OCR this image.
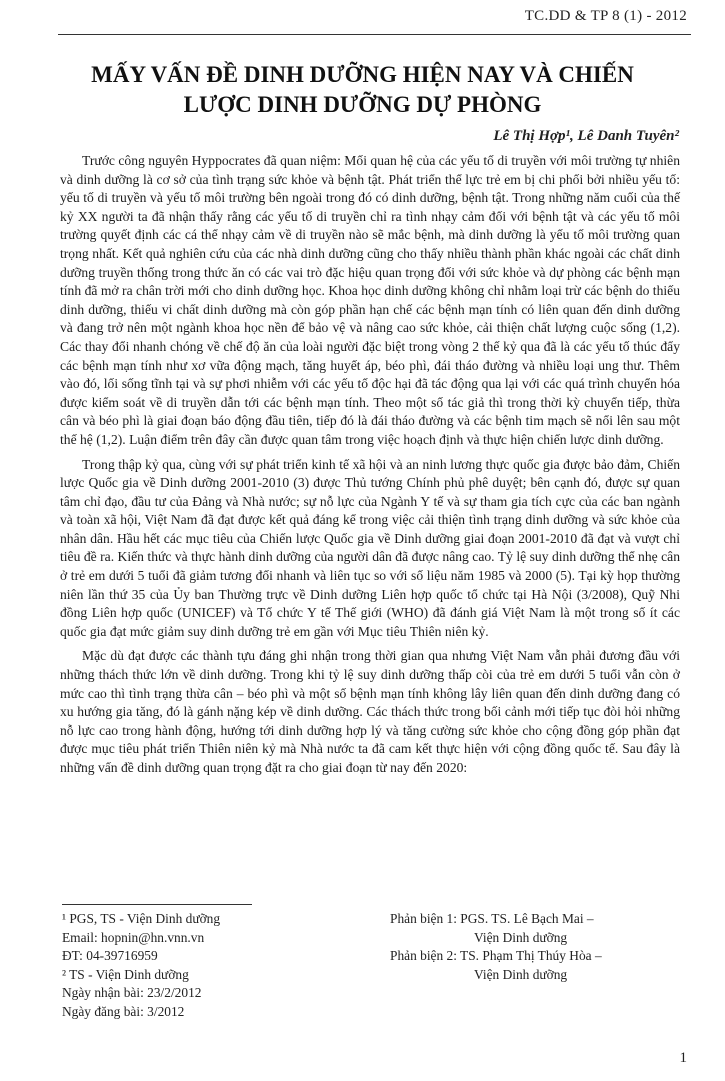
TC.DD & TP 8 (1) - 2012
MẤY VẤN ĐỀ DINH DƯỠNG HIỆN NAY VÀ CHIẾN
LƯỢC DINH DƯỠNG DỰ PHÒNG
Lê Thị Hợp¹, Lê Danh Tuyên²

Trước công nguyên Hyppocrates đã quan niệm: Mối quan hệ của các yếu tố di truyền với môi trường tự nhiên và dinh dưỡng là cơ sở của tình trạng sức khỏe và bệnh tật. Phát triển thể lực trẻ em bị chi phối bởi nhiều yếu tố: yếu tố di truyền và yếu tố môi trường bên ngoài trong đó có dinh dưỡng, bệnh tật. Trong những năm cuối của thế kỷ XX người ta đã nhận thấy rằng các yếu tố di truyền chỉ ra tình nhạy cảm đối với bệnh tật và các yếu tố môi trường quyết định các cá thể nhạy cảm về di truyền nào sẽ mắc bệnh, mà dinh dưỡng là yếu tố môi trường quan trọng nhất. Kết quả nghiên cứu của các nhà dinh dưỡng cũng cho thấy nhiều thành phần khác ngoài các chất dinh dưỡng truyền thống trong thức ăn có các vai trò đặc hiệu quan trọng đối với sức khỏe và dự phòng các bệnh mạn tính đã mở ra chân trời mới cho dinh dưỡng học. Khoa học dinh dưỡng không chỉ nhằm loại trừ các bệnh do thiếu dinh dưỡng, thiếu vi chất dinh dưỡng mà còn góp phần hạn chế các bệnh mạn tính có liên quan đến dinh dưỡng và đang trở nên một ngành khoa học nền để bảo vệ và nâng cao sức khỏe, cải thiện chất lượng cuộc sống (1,2). Các thay đổi nhanh chóng về chế độ ăn của loài người đặc biệt trong vòng 2 thế kỷ qua đã là các yếu tố thúc đẩy các bệnh mạn tính như xơ vữa động mạch, tăng huyết áp, béo phì, đái tháo đường và nhiều loại ung thư. Thêm vào đó, lối sống tĩnh tại và sự phơi nhiễm với các yếu tố độc hại đã tác động qua lại với các quá trình chuyển hóa được kiểm soát về di truyền dẫn tới các bệnh mạn tính. Theo một số tác giả thì trong thời kỳ chuyển tiếp, thừa cân và béo phì là giai đoạn báo động đầu tiên, tiếp đó là đái tháo đường và các bệnh tim mạch sẽ nổi lên sau một thế hệ (1,2). Luận điểm trên đây cần được quan tâm trong việc hoạch định và thực hiện chiến lược dinh dưỡng.

Trong thập kỷ qua, cùng với sự phát triển kinh tế xã hội và an ninh lương thực quốc gia được bảo đảm, Chiến lược Quốc gia về Dinh dưỡng 2001-2010 (3) được Thủ tướng Chính phủ phê duyệt; bên cạnh đó, được sự quan tâm chỉ đạo, đầu tư của Đảng và Nhà nước; sự nỗ lực của Ngành Y tế và sự tham gia tích cực của các ban ngành và toàn xã hội, Việt Nam đã đạt được kết quả đáng kể trong việc cải thiện tình trạng dinh dưỡng và sức khỏe của nhân dân. Hầu hết các mục tiêu của Chiến lược Quốc gia về Dinh dưỡng giai đoạn 2001-2010 đã đạt và vượt chỉ tiêu đề ra. Kiến thức và thực hành dinh dưỡng của người dân đã được nâng cao. Tỷ lệ suy dinh dưỡng thể nhẹ cân ở trẻ em dưới 5 tuổi đã giảm tương đối nhanh và liên tục so với số liệu năm 1985 và 2000 (5). Tại kỳ họp thường niên lần thứ 35 của Ủy ban Thường trực về Dinh dưỡng Liên hợp quốc tổ chức tại Hà Nội (3/2008), Quỹ Nhi đồng Liên hợp quốc (UNICEF) và Tổ chức Y tế Thế giới (WHO) đã đánh giá Việt Nam là một trong số ít các quốc gia đạt mức giảm suy dinh dưỡng trẻ em gần với Mục tiêu Thiên niên kỷ.

Mặc dù đạt được các thành tựu đáng ghi nhận trong thời gian qua nhưng Việt Nam vẫn phải đương đầu với những thách thức lớn về dinh dưỡng. Trong khi tỷ lệ suy dinh dưỡng thấp còi của trẻ em dưới 5 tuổi vẫn còn ở mức cao thì tình trạng thừa cân – béo phì và một số bệnh mạn tính không lây liên quan đến dinh dưỡng đang có xu hướng gia tăng, đó là gánh nặng kép về dinh dưỡng. Các thách thức trong bối cảnh mới tiếp tục đòi hỏi những nỗ lực cao trong hành động, hướng tới dinh dưỡng hợp lý và tăng cường sức khỏe cho cộng đồng góp phần đạt được mục tiêu phát triển Thiên niên kỷ mà Nhà nước ta đã cam kết thực hiện với cộng đồng quốc tế. Sau đây là những vấn đề dinh dưỡng quan trọng đặt ra cho giai đoạn từ nay đến 2020:

¹ PGS, TS - Viện Dinh dưỡng
Email: hopnin@hn.vnn.vn
ĐT: 04-39716959
² TS - Viện Dinh dưỡng
Ngày nhận bài: 23/2/2012
Ngày đăng bài: 3/2012
Phản biện 1: PGS. TS. Lê Bạch Mai –
Viện Dinh dưỡng
Phản biện 2: TS. Phạm Thị Thúy Hòa –
Viện Dinh dưỡng
1
